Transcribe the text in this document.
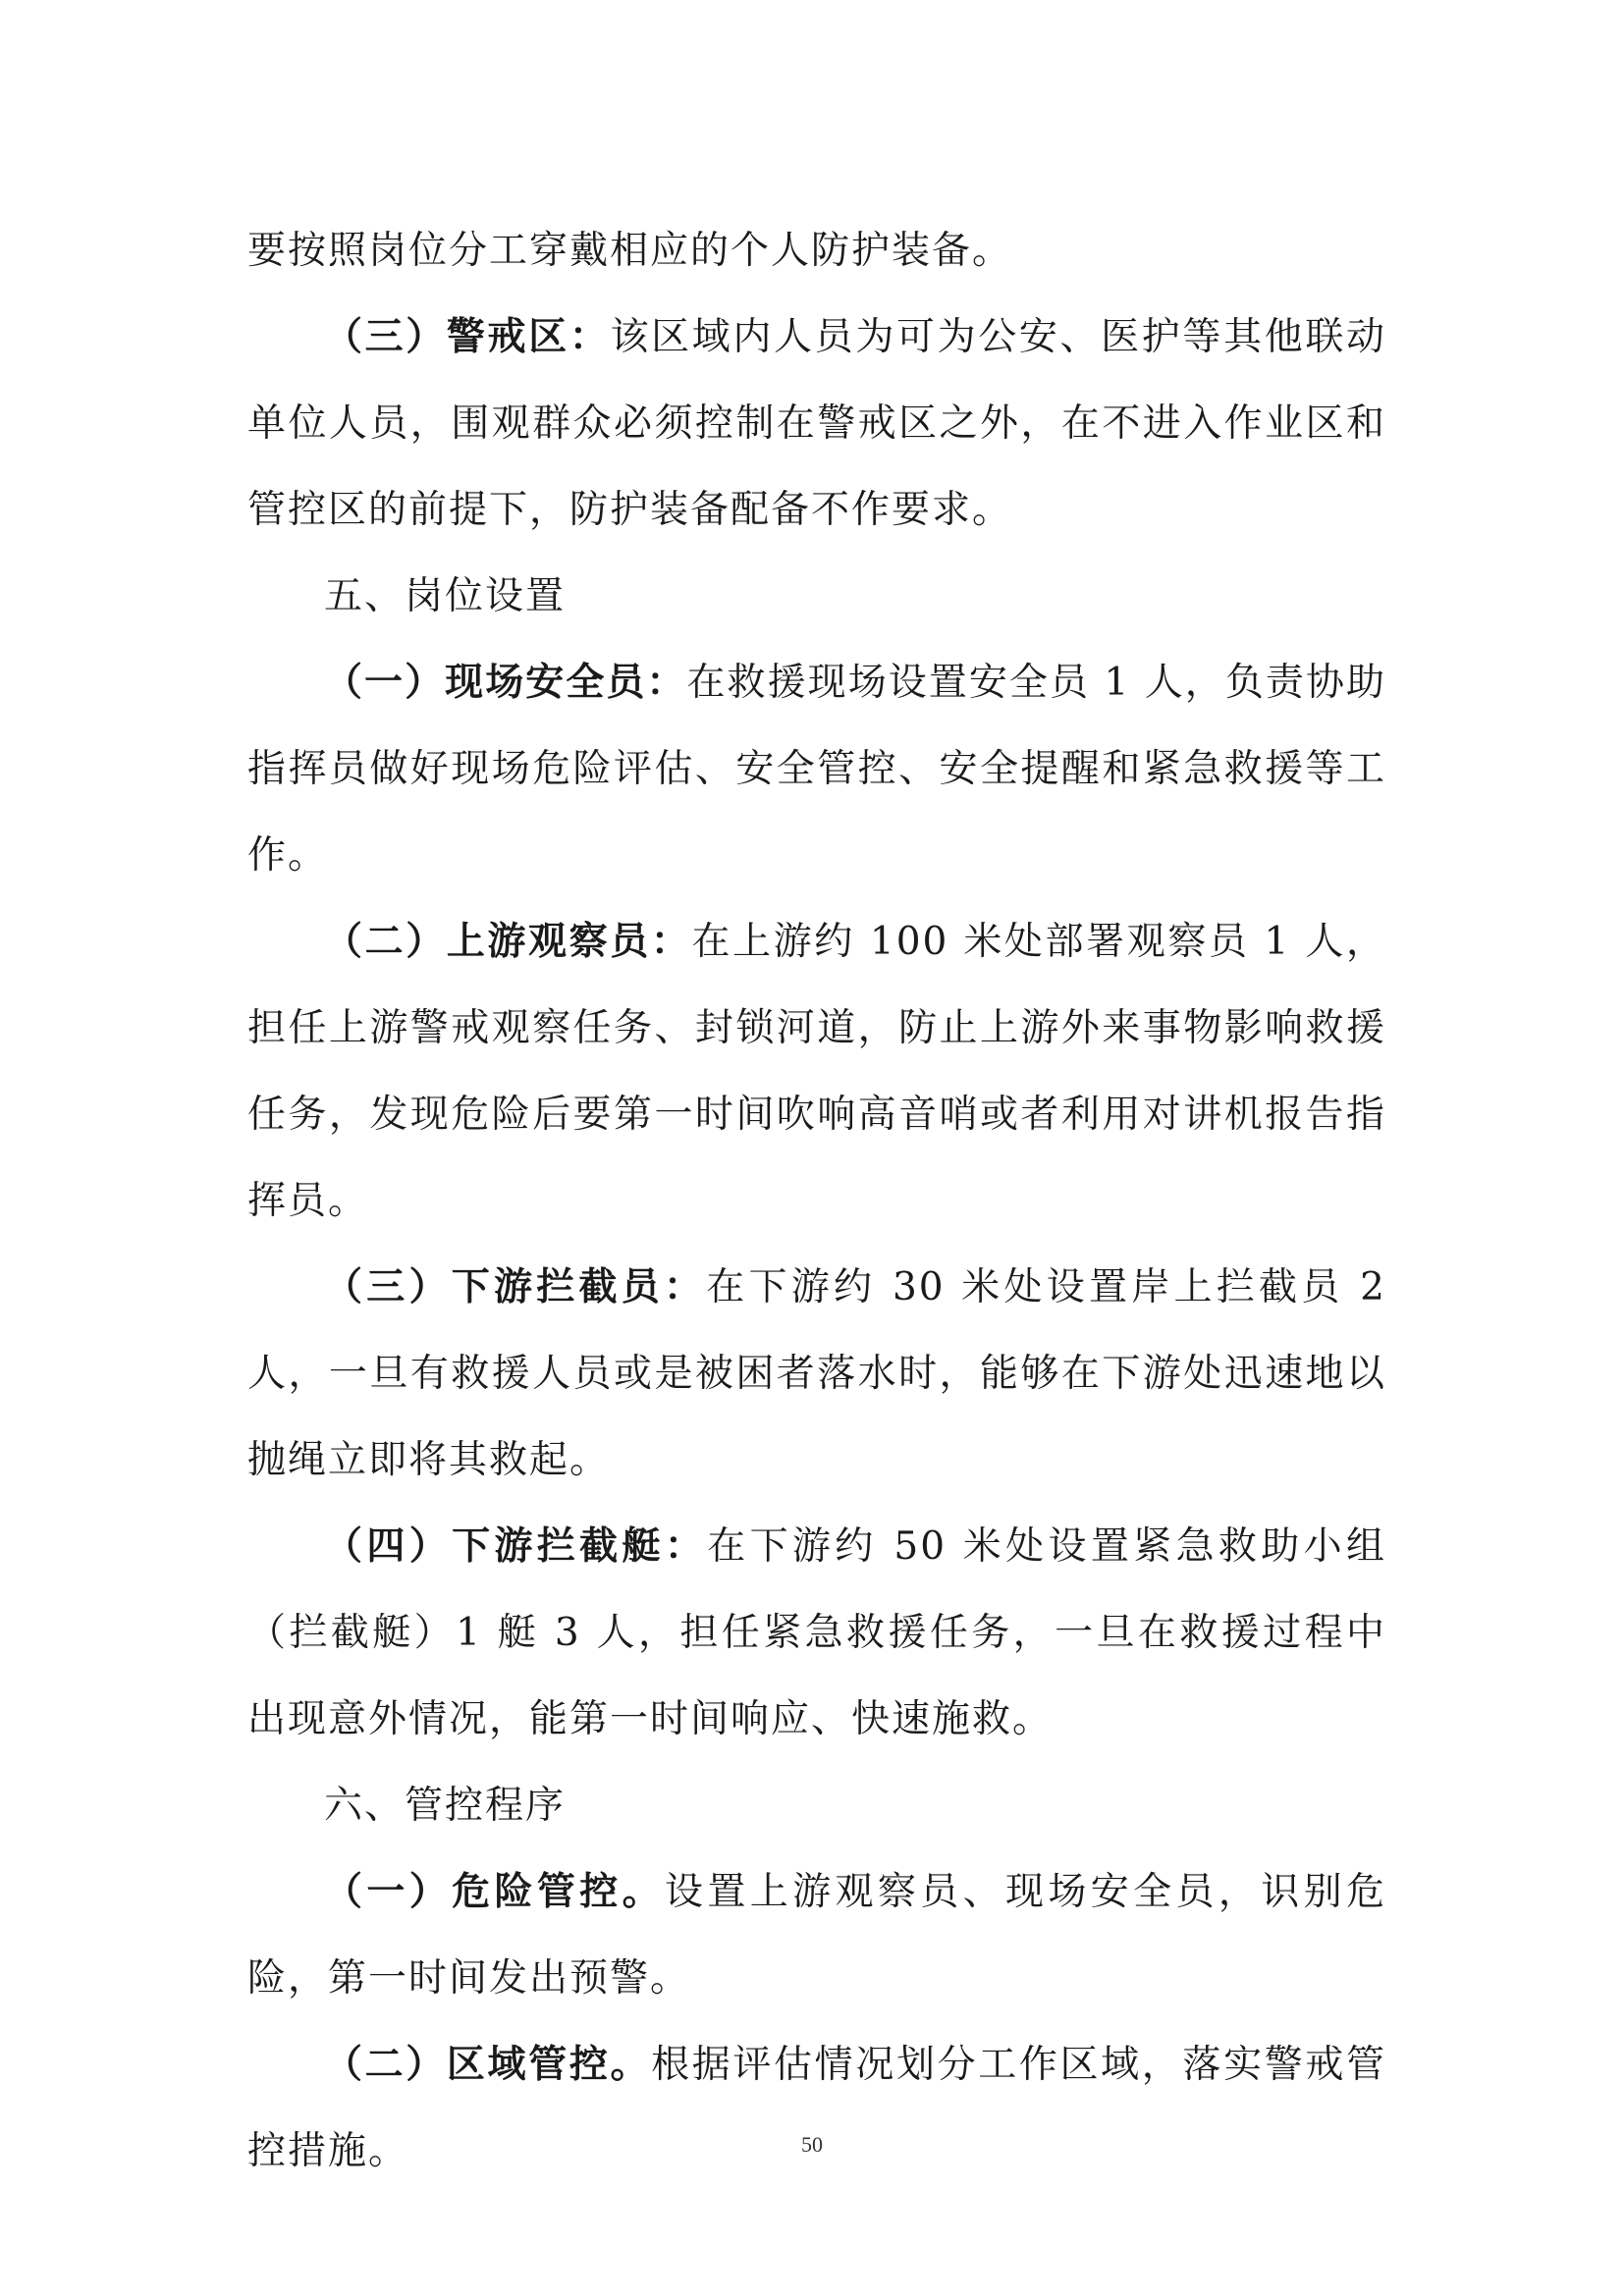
要按照岗位分工穿戴相应的个人防护装备。

（三）警戒区：该区域内人员为可为公安、医护等其他联动单位人员，围观群众必须控制在警戒区之外，在不进入作业区和管控区的前提下，防护装备配备不作要求。

五、岗位设置

（一）现场安全员：在救援现场设置安全员 1 人，负责协助指挥员做好现场危险评估、安全管控、安全提醒和紧急救援等工作。

（二）上游观察员：在上游约 100 米处部署观察员 1 人，担任上游警戒观察任务、封锁河道，防止上游外来事物影响救援任务，发现危险后要第一时间吹响高音哨或者利用对讲机报告指挥员。

（三）下游拦截员：在下游约 30 米处设置岸上拦截员 2 人，一旦有救援人员或是被困者落水时，能够在下游处迅速地以抛绳立即将其救起。

（四）下游拦截艇：在下游约 50 米处设置紧急救助小组（拦截艇）1 艇 3 人，担任紧急救援任务，一旦在救援过程中出现意外情况，能第一时间响应、快速施救。

六、管控程序

（一）危险管控。设置上游观察员、现场安全员，识别危险，第一时间发出预警。

（二）区域管控。根据评估情况划分工作区域，落实警戒管控措施。	50
